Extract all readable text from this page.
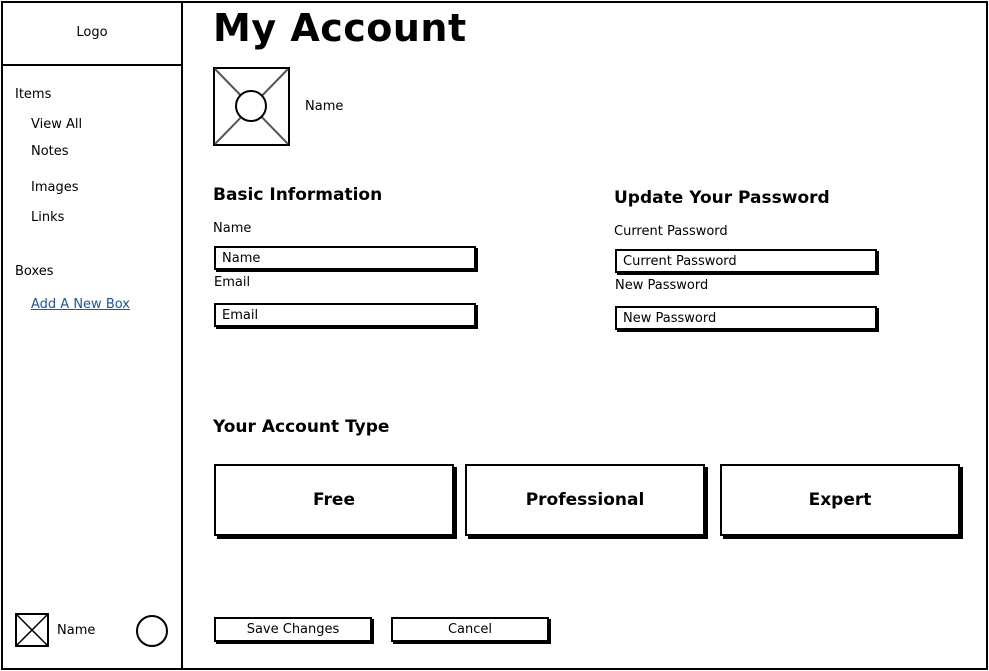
Logo
Items
View All
Notes
Images
Links
Boxes
Add A New Box
Name
My Account
Name
Basic Information
Name
Name
Email
Email
Update Your Password
Current Password
Current Password
New Password
New Password
Your Account Type
Free	Professional	Expert
Save Changes	Cancel
